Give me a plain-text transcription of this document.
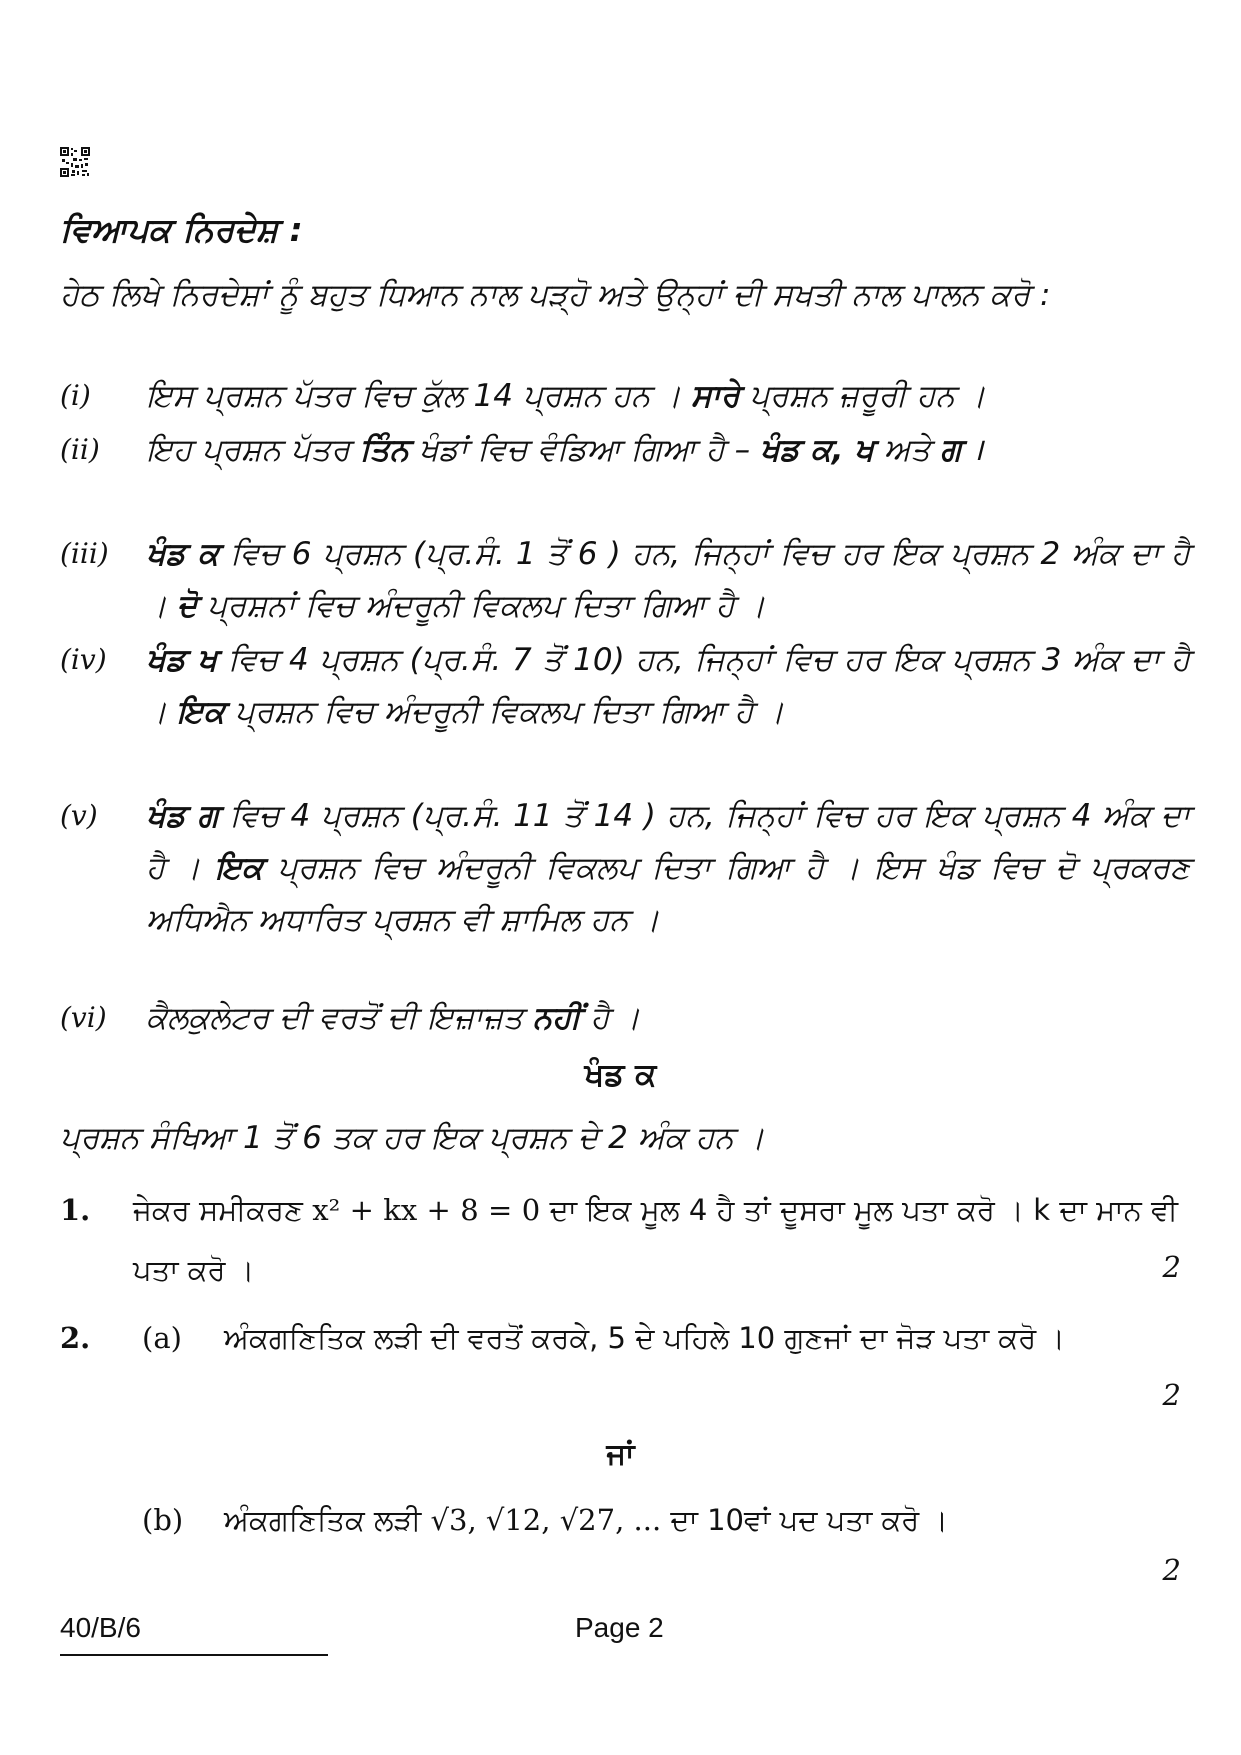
ਵਿਆਪਕ ਨਿਰਦੇਸ਼ :
ਹੇਠ ਲਿਖੇ ਨਿਰਦੇਸ਼ਾਂ ਨੂੰ ਬਹੁਤ ਧਿਆਨ ਨਾਲ ਪੜ੍ਹੋ ਅਤੇ ਉਨ੍ਹਾਂ ਦੀ ਸਖਤੀ ਨਾਲ ਪਾਲਨ ਕਰੋ :
(i) ਇਸ ਪ੍ਰਸ਼ਨ ਪੱਤਰ ਵਿਚ ਕੁੱਲ 14 ਪ੍ਰਸ਼ਨ ਹਨ । ਸਾਰੇ ਪ੍ਰਸ਼ਨ ਜ਼ਰੂਰੀ ਹਨ ।
(ii) ਇਹ ਪ੍ਰਸ਼ਨ ਪੱਤਰ ਤਿੰਨ ਖੰਡਾਂ ਵਿਚ ਵੰਡਿਆ ਗਿਆ ਹੈ – ਖੰਡ ਕ, ਖ ਅਤੇ ਗ ।
(iii) ਖੰਡ ਕ ਵਿਚ 6 ਪ੍ਰਸ਼ਨ (ਪ੍ਰ.ਸੰ. 1 ਤੋਂ 6 ) ਹਨ, ਜਿਨ੍ਹਾਂ ਵਿਚ ਹਰ ਇਕ ਪ੍ਰਸ਼ਨ 2 ਅੰਕ ਦਾ ਹੈ । ਦੋ ਪ੍ਰਸ਼ਨਾਂ ਵਿਚ ਅੰਦਰੂਨੀ ਵਿਕਲਪ ਦਿਤਾ ਗਿਆ ਹੈ ।
(iv) ਖੰਡ ਖ ਵਿਚ 4 ਪ੍ਰਸ਼ਨ (ਪ੍ਰ.ਸੰ. 7 ਤੋਂ 10) ਹਨ, ਜਿਨ੍ਹਾਂ ਵਿਚ ਹਰ ਇਕ ਪ੍ਰਸ਼ਨ 3 ਅੰਕ ਦਾ ਹੈ । ਇਕ ਪ੍ਰਸ਼ਨ ਵਿਚ ਅੰਦਰੂਨੀ ਵਿਕਲਪ ਦਿਤਾ ਗਿਆ ਹੈ ।
(v) ਖੰਡ ਗ ਵਿਚ 4 ਪ੍ਰਸ਼ਨ (ਪ੍ਰ.ਸੰ. 11 ਤੋਂ 14 ) ਹਨ, ਜਿਨ੍ਹਾਂ ਵਿਚ ਹਰ ਇਕ ਪ੍ਰਸ਼ਨ 4 ਅੰਕ ਦਾ ਹੈ । ਇਕ ਪ੍ਰਸ਼ਨ ਵਿਚ ਅੰਦਰੂਨੀ ਵਿਕਲਪ ਦਿਤਾ ਗਿਆ ਹੈ । ਇਸ ਖੰਡ ਵਿਚ ਦੋ ਪ੍ਰਕਰਣ ਅਧਿਐਨ ਅਧਾਰਿਤ ਪ੍ਰਸ਼ਨ ਵੀ ਸ਼ਾਮਿਲ ਹਨ ।
(vi) ਕੈਲਕੁਲੇਟਰ ਦੀ ਵਰਤੋਂ ਦੀ ਇਜ਼ਾਜ਼ਤ ਨਹੀਂ ਹੈ ।
ਖੰਡ ਕ
ਪ੍ਰਸ਼ਨ ਸੰਖਿਆ 1 ਤੋਂ 6 ਤਕ ਹਰ ਇਕ ਪ੍ਰਸ਼ਨ ਦੇ 2 ਅੰਕ ਹਨ ।
1. ਜੇਕਰ ਸਮੀਕਰਣ x² + kx + 8 = 0 ਦਾ ਇਕ ਮੂਲ 4 ਹੈ ਤਾਂ ਦੂਸਰਾ ਮੂਲ ਪਤਾ ਕਰੋ । k ਦਾ ਮਾਨ ਵੀ ਪਤਾ ਕਰੋ ।	2
2. (a) ਅੰਕਗਣਿਤਿਕ ਲੜੀ ਦੀ ਵਰਤੋਂ ਕਰਕੇ, 5 ਦੇ ਪਹਿਲੇ 10 ਗੁਣਜਾਂ ਦਾ ਜੋੜ ਪਤਾ ਕਰੋ ।
2
ਜਾਂ
(b) ਅੰਕਗਣਿਤਿਕ ਲੜੀ √3, √12, √27, ... ਦਾ 10ਵਾਂ ਪਦ ਪਤਾ ਕਰੋ ।
2
40/B/6	Page 2
